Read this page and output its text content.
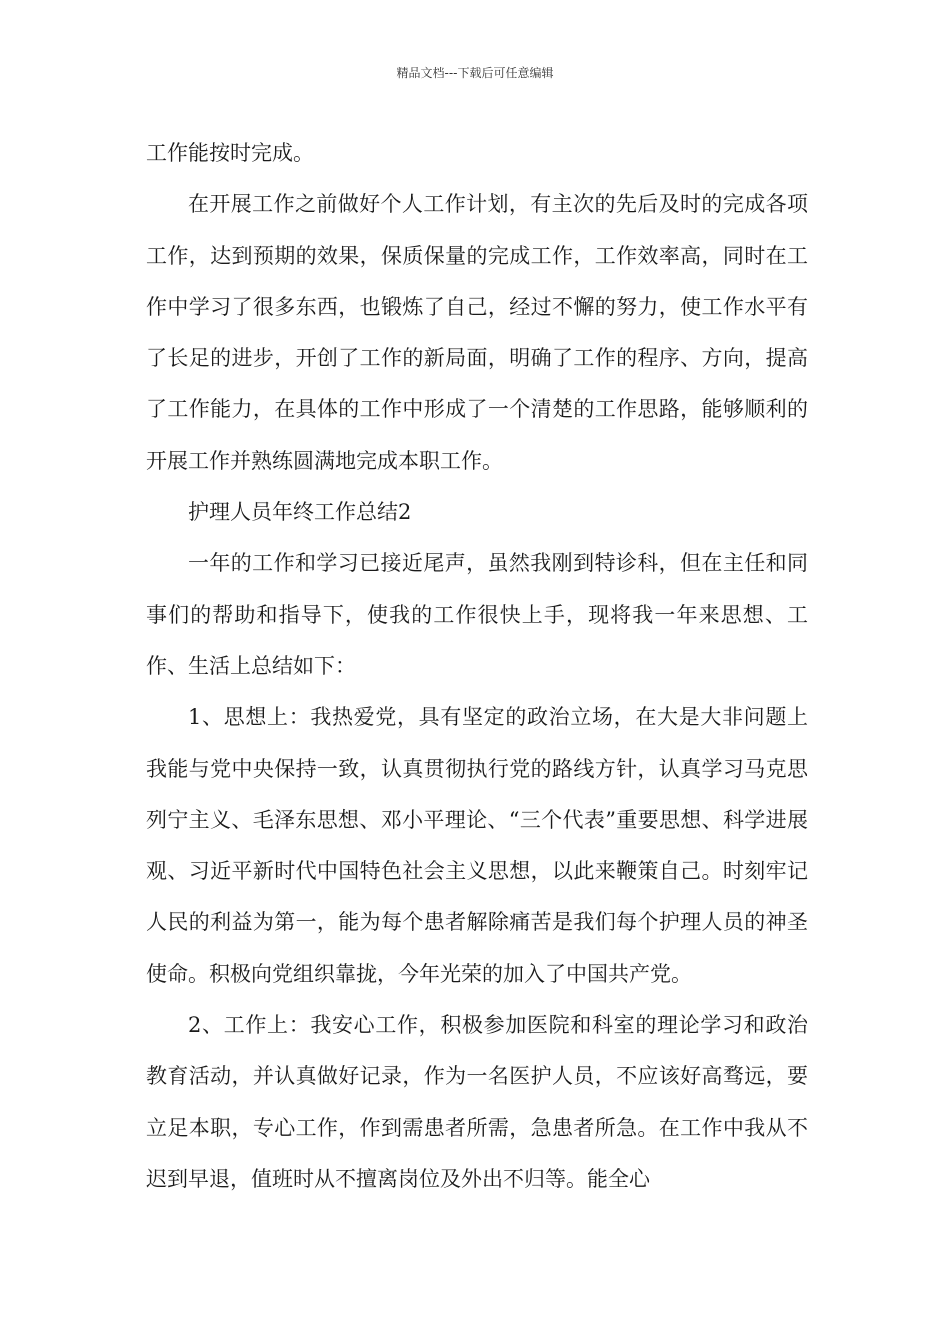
精品文档---下载后可任意编辑

工作能按时完成。

在开展工作之前做好个人工作计划，有主次的先后及时的完成各项工作，达到预期的效果，保质保量的完成工作，工作效率高，同时在工作中学习了很多东西，也锻炼了自己，经过不懈的努力，使工作水平有了长足的进步，开创了工作的新局面，明确了工作的程序、方向，提高了工作能力，在具体的工作中形成了一个清楚的工作思路，能够顺利的开展工作并熟练圆满地完成本职工作。

护理人员年终工作总结2

一年的工作和学习已接近尾声，虽然我刚到特诊科，但在主任和同事们的帮助和指导下，使我的工作很快上手，现将我一年来思想、工作、生活上总结如下：

1、思想上：我热爱党，具有坚定的政治立场，在大是大非问题上我能与党中央保持一致，认真贯彻执行党的路线方针，认真学习马克思列宁主义、毛泽东思想、邓小平理论、“三个代表”重要思想、科学进展观、习近平新时代中国特色社会主义思想，以此来鞭策自己。时刻牢记人民的利益为第一，能为每个患者解除痛苦是我们每个护理人员的神圣使命。积极向党组织靠拢，今年光荣的加入了中国共产党。

2、工作上：我安心工作，积极参加医院和科室的理论学习和政治教育活动，并认真做好记录，作为一名医护人员，不应该好高骛远，要立足本职，专心工作，作到需患者所需，急患者所急。在工作中我从不迟到早退，值班时从不擅离岗位及外出不归等。能全心
